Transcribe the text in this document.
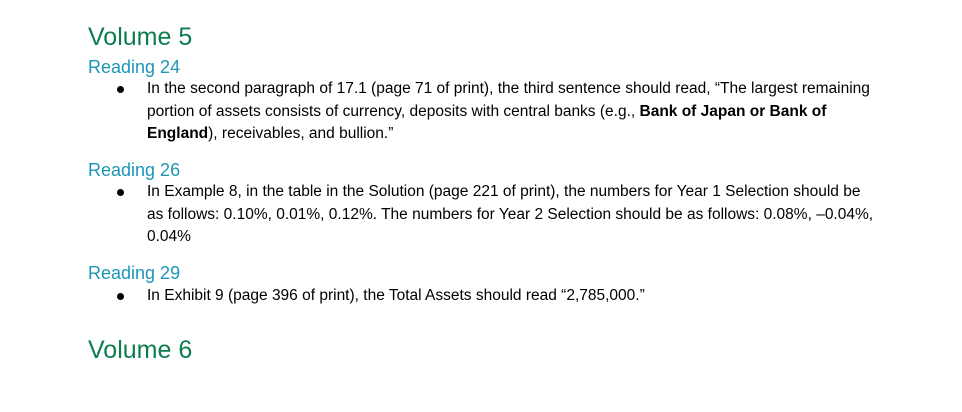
Volume 5
Reading 24
In the second paragraph of 17.1 (page 71 of print), the third sentence should read, “The largest remaining portion of assets consists of currency, deposits with central banks (e.g., Bank of Japan or Bank of England), receivables, and bullion.”
Reading 26
In Example 8, in the table in the Solution (page 221 of print), the numbers for Year 1 Selection should be as follows: 0.10%, 0.01%, 0.12%. The numbers for Year 2 Selection should be as follows: 0.08%, –0.04%, 0.04%
Reading 29
In Exhibit 9 (page 396 of print), the Total Assets should read “2,785,000.”
Volume 6
